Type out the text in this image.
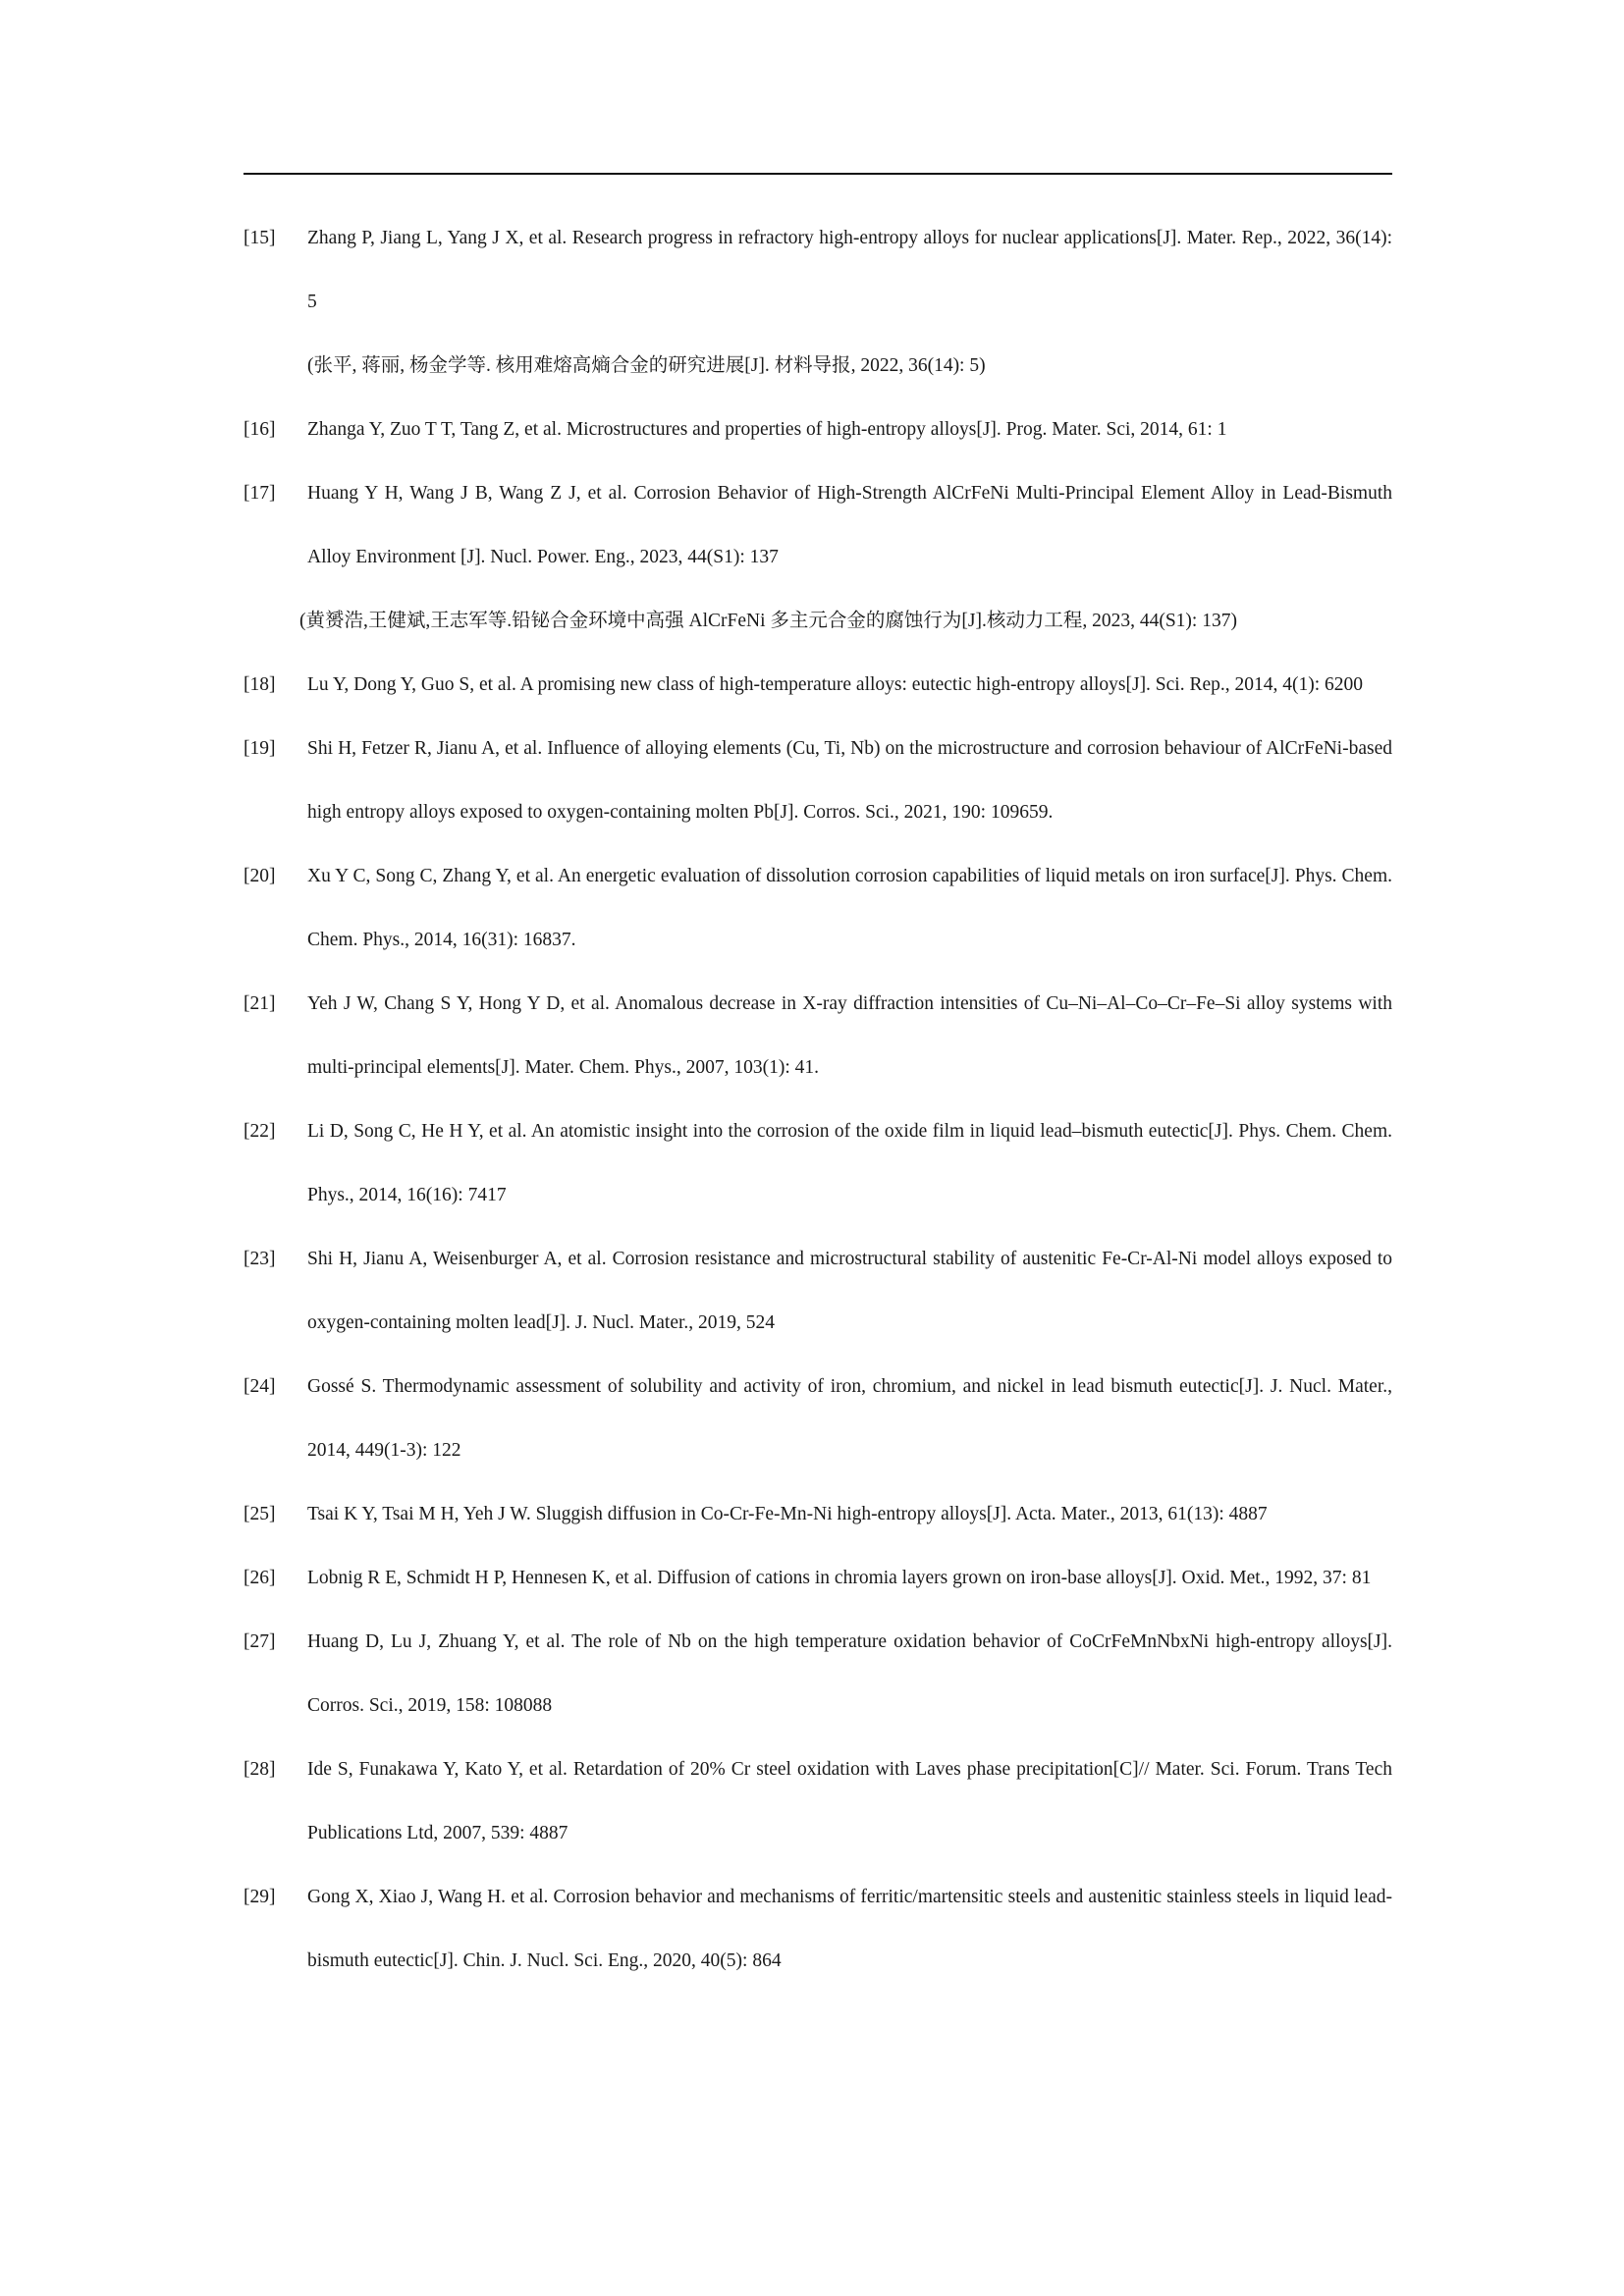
[15] Zhang P, Jiang L, Yang J X, et al. Research progress in refractory high-entropy alloys for nuclear applications[J]. Mater. Rep., 2022, 36(14): 5
(张平, 蒋丽, 杨金学等. 核用难熔高熵合金的研究进展[J]. 材料导报, 2022, 36(14): 5)
[16] Zhanga Y, Zuo T T, Tang Z, et al. Microstructures and properties of high-entropy alloys[J]. Prog. Mater. Sci, 2014, 61: 1
[17] Huang Y H, Wang J B, Wang Z J, et al. Corrosion Behavior of High-Strength AlCrFeNi Multi-Principal Element Alloy in Lead-Bismuth Alloy Environment [J]. Nucl. Power. Eng., 2023, 44(S1): 137
(黄赟浩,王健斌,王志军等.铅铋合金环境中高强 AlCrFeNi 多主元合金的腐蚀行为[J].核动力工程, 2023, 44(S1): 137)
[18] Lu Y, Dong Y, Guo S, et al. A promising new class of high-temperature alloys: eutectic high-entropy alloys[J]. Sci. Rep., 2014, 4(1): 6200
[19] Shi H, Fetzer R, Jianu A, et al. Influence of alloying elements (Cu, Ti, Nb) on the microstructure and corrosion behaviour of AlCrFeNi-based high entropy alloys exposed to oxygen-containing molten Pb[J]. Corros. Sci., 2021, 190: 109659.
[20] Xu Y C, Song C, Zhang Y, et al. An energetic evaluation of dissolution corrosion capabilities of liquid metals on iron surface[J]. Phys. Chem. Chem. Phys., 2014, 16(31): 16837.
[21] Yeh J W, Chang S Y, Hong Y D, et al. Anomalous decrease in X-ray diffraction intensities of Cu–Ni–Al–Co–Cr–Fe–Si alloy systems with multi-principal elements[J]. Mater. Chem. Phys., 2007, 103(1): 41.
[22] Li D, Song C, He H Y, et al. An atomistic insight into the corrosion of the oxide film in liquid lead–bismuth eutectic[J]. Phys. Chem. Chem. Phys., 2014, 16(16): 7417
[23] Shi H, Jianu A, Weisenburger A, et al. Corrosion resistance and microstructural stability of austenitic Fe-Cr-Al-Ni model alloys exposed to oxygen-containing molten lead[J]. J. Nucl. Mater., 2019, 524
[24] Gossé S. Thermodynamic assessment of solubility and activity of iron, chromium, and nickel in lead bismuth eutectic[J]. J. Nucl. Mater., 2014, 449(1-3): 122
[25] Tsai K Y, Tsai M H, Yeh J W. Sluggish diffusion in Co-Cr-Fe-Mn-Ni high-entropy alloys[J]. Acta. Mater., 2013, 61(13): 4887
[26] Lobnig R E, Schmidt H P, Hennesen K, et al. Diffusion of cations in chromia layers grown on iron-base alloys[J]. Oxid. Met., 1992, 37: 81
[27] Huang D, Lu J, Zhuang Y, et al. The role of Nb on the high temperature oxidation behavior of CoCrFeMnNbxNi high-entropy alloys[J]. Corros. Sci., 2019, 158: 108088
[28] Ide S, Funakawa Y, Kato Y, et al. Retardation of 20% Cr steel oxidation with Laves phase precipitation[C]// Mater. Sci. Forum. Trans Tech Publications Ltd, 2007, 539: 4887
[29] Gong X, Xiao J, Wang H. et al. Corrosion behavior and mechanisms of ferritic/martensitic steels and austenitic stainless steels in liquid lead-bismuth eutectic[J]. Chin. J. Nucl. Sci. Eng., 2020, 40(5): 864
